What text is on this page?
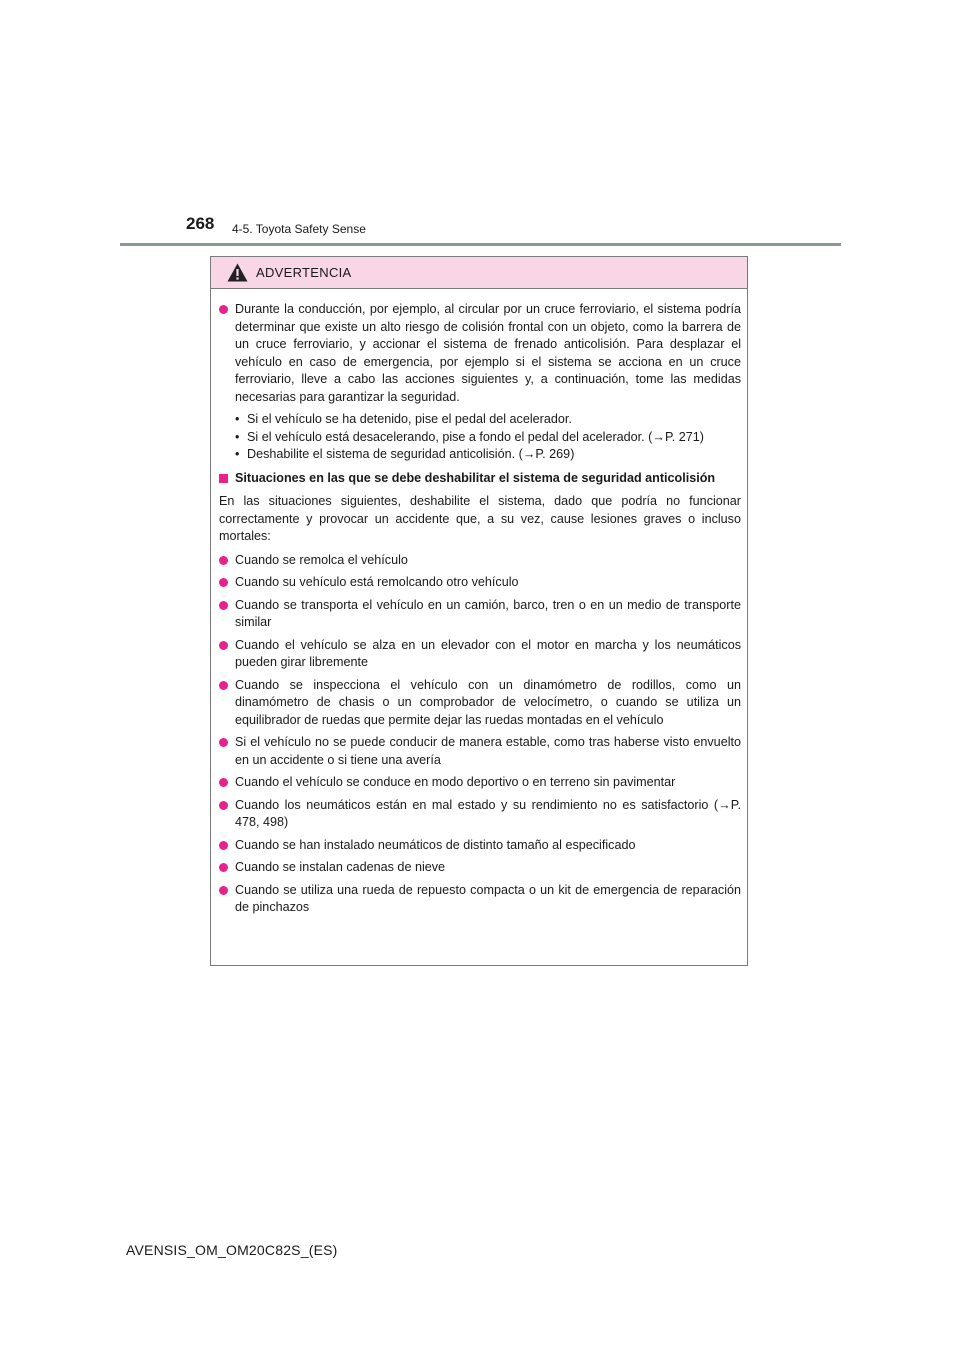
268 4-5. Toyota Safety Sense
ADVERTENCIA
Durante la conducción, por ejemplo, al circular por un cruce ferroviario, el sistema podría determinar que existe un alto riesgo de colisión frontal con un objeto, como la barrera de un cruce ferroviario, y accionar el sistema de frenado anticolisión. Para desplazar el vehículo en caso de emergencia, por ejemplo si el sistema se acciona en un cruce ferroviario, lleve a cabo las acciones siguientes y, a continuación, tome las medidas necesarias para garantizar la seguridad.
• Si el vehículo se ha detenido, pise el pedal del acelerador.
• Si el vehículo está desacelerando, pise a fondo el pedal del acelerador. (→P. 271)
• Deshabilite el sistema de seguridad anticolisión. (→P. 269)
Situaciones en las que se debe deshabilitar el sistema de seguridad anticolisión
En las situaciones siguientes, deshabilite el sistema, dado que podría no funcionar correctamente y provocar un accidente que, a su vez, cause lesiones graves o incluso mortales:
Cuando se remolca el vehículo
Cuando su vehículo está remolcando otro vehículo
Cuando se transporta el vehículo en un camión, barco, tren o en un medio de transporte similar
Cuando el vehículo se alza en un elevador con el motor en marcha y los neumáticos pueden girar libremente
Cuando se inspecciona el vehículo con un dinamómetro de rodillos, como un dinamómetro de chasis o un comprobador de velocímetro, o cuando se utiliza un equilibrador de ruedas que permite dejar las ruedas montadas en el vehículo
Si el vehículo no se puede conducir de manera estable, como tras haberse visto envuelto en un accidente o si tiene una avería
Cuando el vehículo se conduce en modo deportivo o en terreno sin pavimentar
Cuando los neumáticos están en mal estado y su rendimiento no es satisfactorio (→P. 478, 498)
Cuando se han instalado neumáticos de distinto tamaño al especificado
Cuando se instalan cadenas de nieve
Cuando se utiliza una rueda de repuesto compacta o un kit de emergencia de reparación de pinchazos
AVENSIS_OM_OM20C82S_(ES)
